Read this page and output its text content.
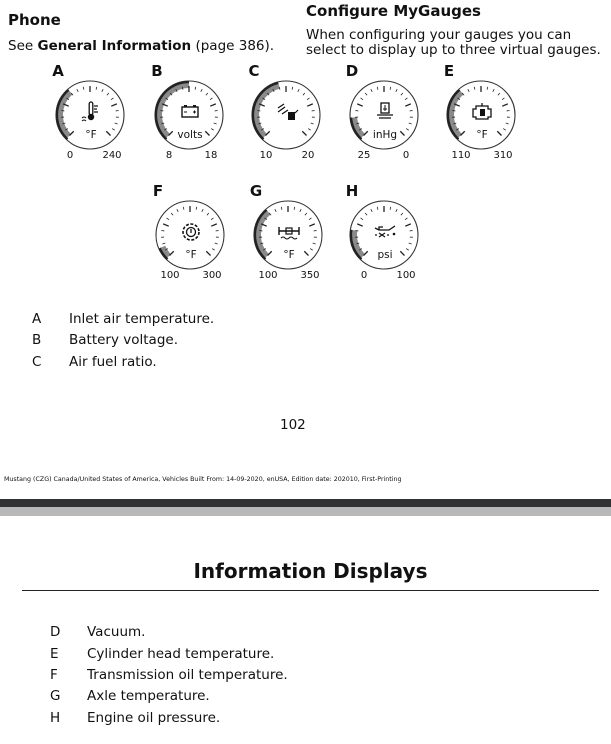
Phone
See General Information (page 386).
Configure MyGauges
When configuring your gauges you can select to display up to three virtual gauges.
A
°F
0	240
B
volts
8	18
C
10	20
D
inHg
25	0
E
°F
110 310
F
°F
100 300
G
°F
100 350
H
psi
0	100
A Inlet air temperature.
B Battery voltage.
C Air fuel ratio.
102
Mustang (CZG) Canada/United States of America, Vehicles Built From: 14-09-2020, enUSA, Edition date: 202010, First-Printing
Information Displays
D Vacuum.
E Cylinder head temperature.
F Transmission oil temperature.
G Axle temperature.
H Engine oil pressure.
